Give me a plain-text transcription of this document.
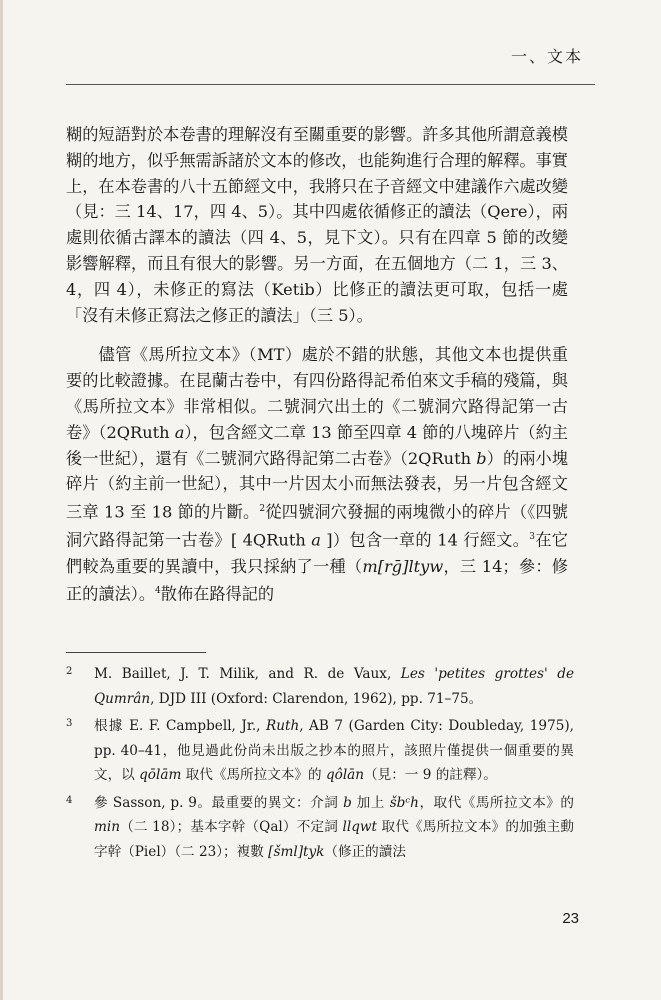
一、文本

糊的短語對於本卷書的理解沒有至關重要的影響。許多其他所謂意義模糊的地方，似乎無需訴諸於文本的修改，也能夠進行合理的解釋。事實上，在本卷書的八十五節經文中，我將只在子音經文中建議作六處改變（見：三 14、17，四 4、5）。其中四處依循修正的讀法（Qere），兩處則依循古譯本的讀法（四 4、5，見下文）。只有在四章 5 節的改變影響解釋，而且有很大的影響。另一方面，在五個地方（二 1，三 3、4，四 4），未修正的寫法（Ketib）比修正的讀法更可取，包括一處「沒有未修正寫法之修正的讀法」（三 5）。

儘管《馬所拉文本》（MT）處於不錯的狀態，其他文本也提供重要的比較證據。在昆蘭古卷中，有四份路得記希伯來文手稿的殘篇，與《馬所拉文本》非常相似。二號洞穴出土的《二號洞穴路得記第一古卷》（2QRuth a），包含經文二章 13 節至四章 4 節的八塊碎片（約主後一世紀），還有《二號洞穴路得記第二古卷》（2QRuth b）的兩小塊碎片（約主前一世紀），其中一片因太小而無法發表，另一片包含經文三章 13 至 18 節的片斷。$^2$從四號洞穴發掘的兩塊微小的碎片（《四號洞穴路得記第一古卷》[ 4QRuth a ]）包含一章的 14 行經文。$^3$在它們較為重要的異讀中，我只採納了一種（m[rḡ]ltyw，三 14；參：修正的讀法）。$^4$散佈在路得記的

2	M. Baillet, J. T. Milik, and R. de Vaux, Les 'petites grottes' de Qumrân, DJD III (Oxford: Clarendon, 1962), pp. 71–75。
3	根據 E. F. Campbell, Jr., Ruth, AB 7 (Garden City: Doubleday, 1975), pp. 40–41，他見過此份尚未出版之抄本的照片，該照片僅提供一個重要的異文，以 qōlām 取代《馬所拉文本》的 qôlān（見：一 9 的註釋）。
4	參 Sasson, p. 9。最重要的異文：介詞 b 加上 šbᶜh，取代《馬所拉文本》的 min（二 18）；基本字幹（Qal）不定詞 llqwt 取代《馬所拉文本》的加強主動字幹（Piel）（二 23）；複數 [šml]tyk（修正的讀法
23
